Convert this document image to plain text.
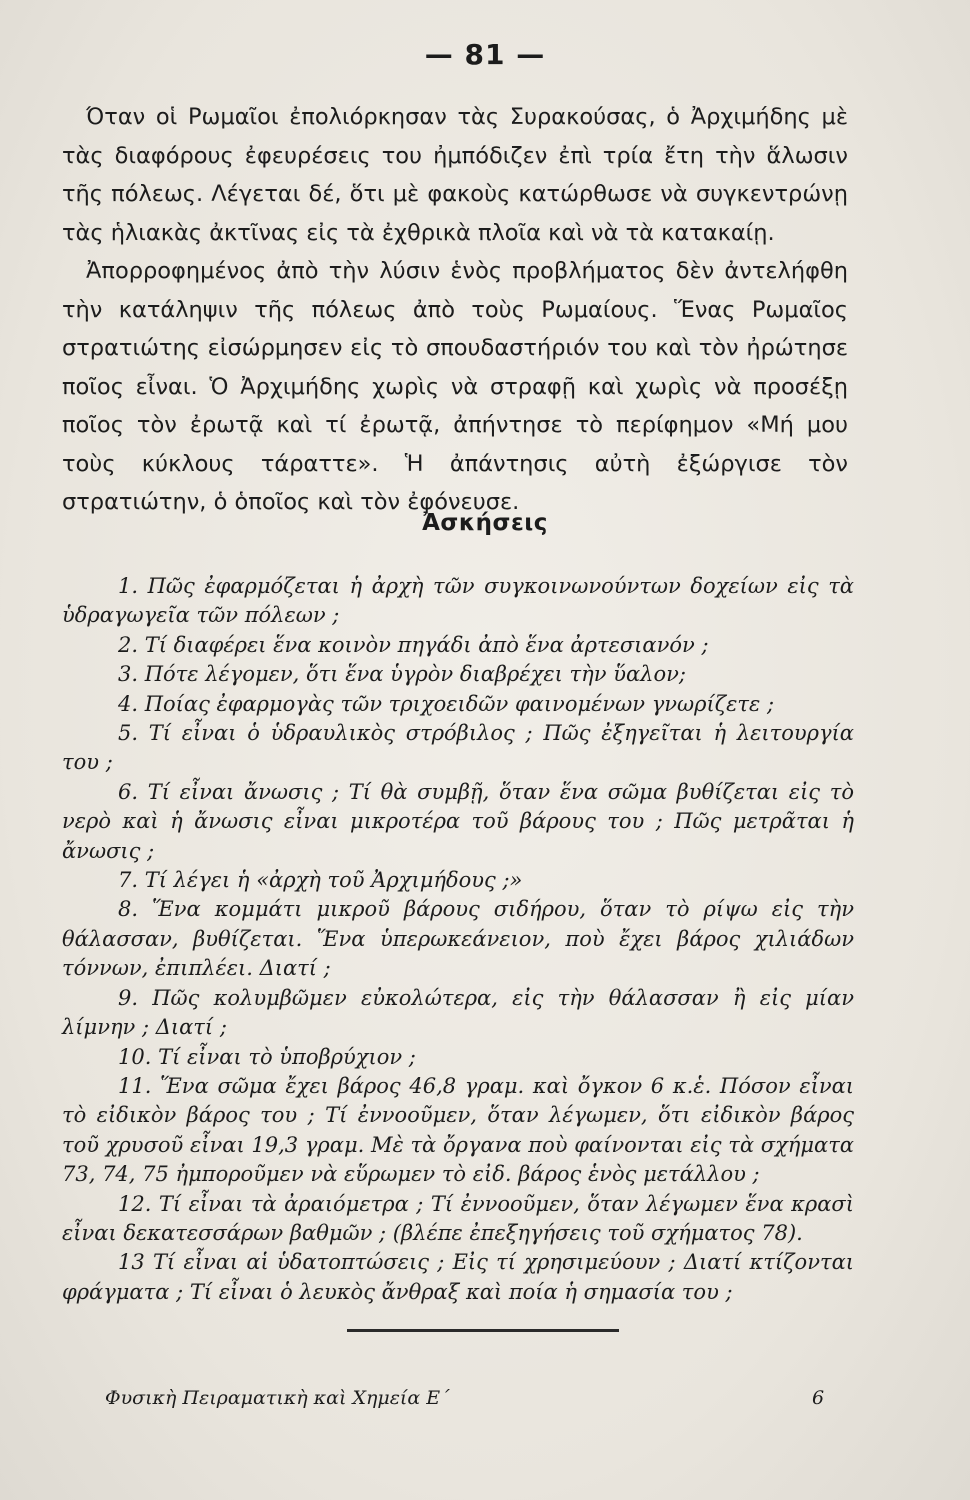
— 81 —

Όταν οἱ Ρωμαῖοι ἐπολιόρκησαν τὰς Συρακούσας, ὁ Ἀρχιμήδης μὲ τὰς διαφόρους ἐφευρέσεις του ἠμπόδιζεν ἐπὶ τρία ἔτη τὴν ἅλωσιν τῆς πόλεως. Λέγεται δέ, ὅτι μὲ φακοὺς κατώρθωσε νὰ συγκεντρώνῃ τὰς ἡλιακὰς ἀκτῖνας εἰς τὰ ἐχθρικὰ πλοῖα καὶ νὰ τὰ κατακαίῃ.

Ἀπορροφημένος ἀπὸ τὴν λύσιν ἑνὸς προβλήματος δὲν ἀντελήφθη τὴν κατάληψιν τῆς πόλεως ἀπὸ τοὺς Ρωμαίους. Ἕνας Ρωμαῖος στρατιώτης εἰσώρμησεν εἰς τὸ σπουδαστήριόν του καὶ τὸν ἠρώτησε ποῖος εἶναι. Ὁ Ἀρχιμήδης χωρὶς νὰ στραφῇ καὶ χωρὶς νὰ προσέξῃ ποῖος τὸν ἐρωτᾷ καὶ τί ἐρωτᾷ, ἀπήντησε τὸ περίφημον «Μή μου τοὺς κύκλους τάραττε». Ἡ ἀπάντησις αὐτὴ ἐξώργισε τὸν στρατιώτην, ὁ ὁποῖος καὶ τὸν ἐφόνευσε.

Ἀσκήσεις

1. Πῶς ἐφαρμόζεται ἡ ἀρχὴ τῶν συγκοινωνούντων δοχείων εἰς τὰ ὑδραγωγεῖα τῶν πόλεων ;

2. Τί διαφέρει ἕνα κοινὸν πηγάδι ἀπὸ ἕνα ἀρτεσιανόν ;

3. Πότε λέγομεν, ὅτι ἕνα ὑγρὸν διαβρέχει τὴν ὕαλον;

4. Ποίας ἐφαρμογὰς τῶν τριχοειδῶν φαινομένων γνωρίζετε ;

5. Τί εἶναι ὁ ὑδραυλικὸς στρόβιλος ; Πῶς ἐξηγεῖται ἡ λειτουργία του ;

6. Τί εἶναι ἄνωσις ; Τί θὰ συμβῇ, ὅταν ἕνα σῶμα βυθίζεται εἰς τὸ νερὸ καὶ ἡ ἄνωσις εἶναι μικροτέρα τοῦ βάρους του ; Πῶς μετρᾶται ἡ ἄνωσις ;

7. Τί λέγει ἡ «ἀρχὴ τοῦ Ἀρχιμήδους ;»

8. Ἕνα κομμάτι μικροῦ βάρους σιδήρου, ὅταν τὸ ρίψω εἰς τὴν θάλασσαν, βυθίζεται. Ἕνα ὑπερωκεάνειον, ποὺ ἔχει βάρος χιλιάδων τόννων, ἐπιπλέει. Διατί ;

9. Πῶς κολυμβῶμεν εὐκολώτερα, εἰς τὴν θάλασσαν ἢ εἰς μίαν λίμνην ; Διατί ;

10. Τί εἶναι τὸ ὑποβρύχιον ;

11. Ἕνα σῶμα ἔχει βάρος 46,8 γραμ. καὶ ὄγκον 6 κ.ἑ. Πόσον εἶναι τὸ εἰδικὸν βάρος του ; Τί ἐννοοῦμεν, ὅταν λέγωμεν, ὅτι εἰδικὸν βάρος τοῦ χρυσοῦ εἶναι 19,3 γραμ. Μὲ τὰ ὄργανα ποὺ φαίνονται εἰς τὰ σχήματα 73, 74, 75 ἠμποροῦμεν νὰ εὕρωμεν τὸ εἰδ. βάρος ἑνὸς μετάλλου ;

12. Τί εἶναι τὰ ἀραιόμετρα ; Τί ἐννοοῦμεν, ὅταν λέγωμεν ἕνα κρασὶ εἶναι δεκατεσσάρων βαθμῶν ; (βλέπε ἐπεξηγήσεις τοῦ σχήματος 78).

13 Τί εἶναι αἱ ὑδατοπτώσεις ; Εἰς τί χρησιμεύουν ; Διατί κτίζονται φράγματα ; Τί εἶναι ὁ λευκὸς ἄνθραξ καὶ ποία ἡ σημασία του ;

Φυσικὴ Πειραματικὴ καὶ Χημεία Ε΄	6
